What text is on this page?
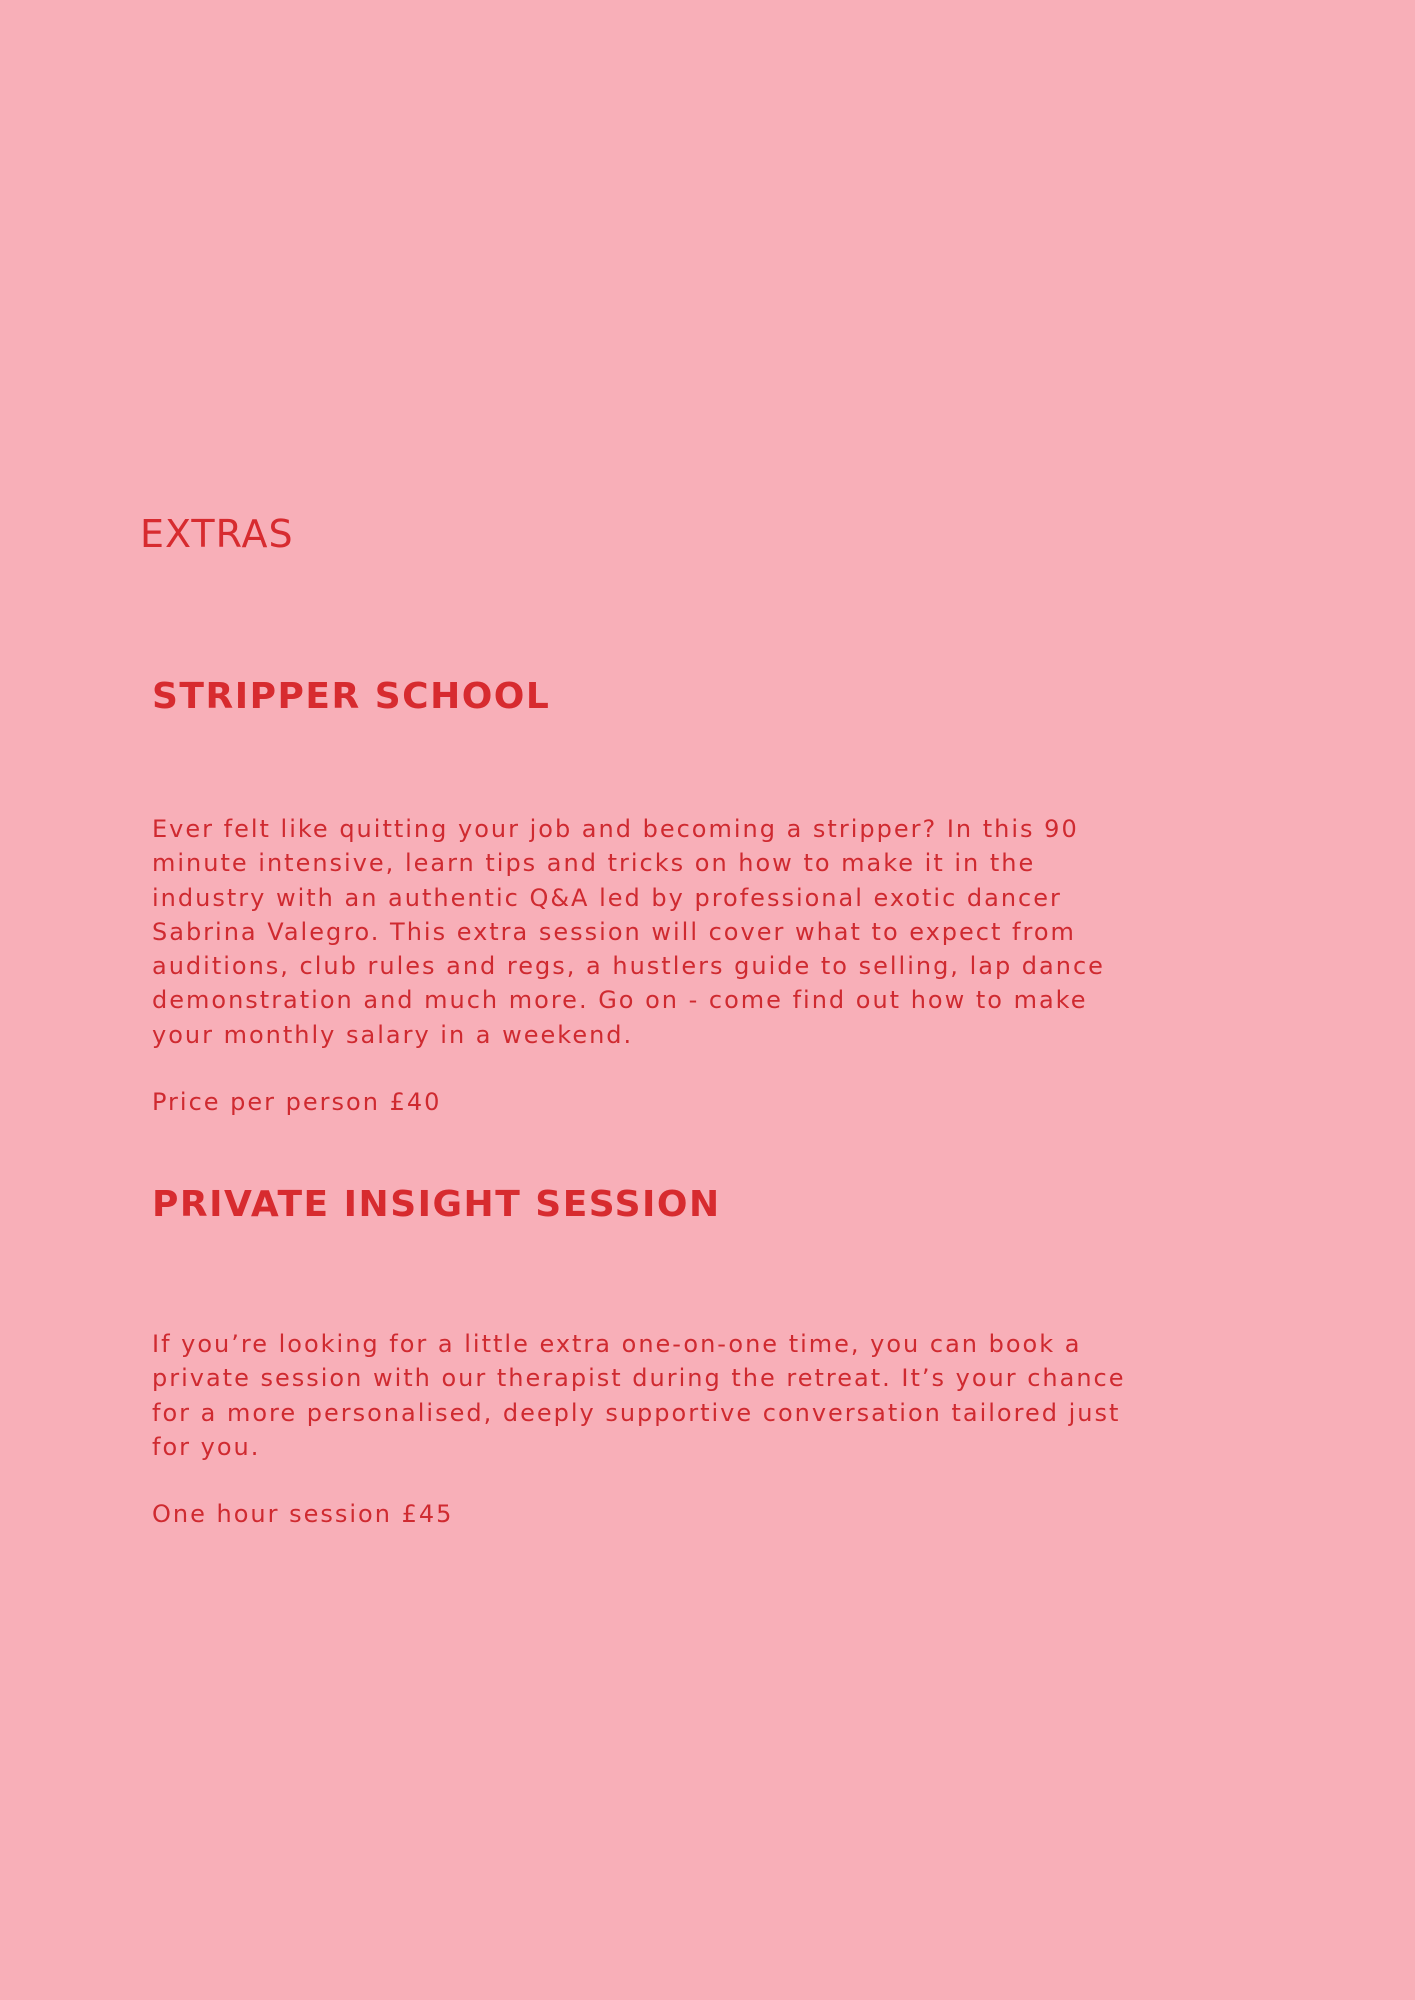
EXTRAS
STRIPPER SCHOOL

Ever felt like quitting your job and becoming a stripper? In this 90
minute intensive, learn tips and tricks on how to make it in the
industry with an authentic Q&A led by professional exotic dancer
Sabrina Valegro. This extra session will cover what to expect from
auditions, club rules and regs, a hustlers guide to selling, lap dance
demonstration and much more. Go on - come find out how to make
your monthly salary in a weekend.

Price per person £40

PRIVATE INSIGHT SESSION

If you’re looking for a little extra one-on-one time, you can book a
private session with our therapist during the retreat. It’s your chance
for a more personalised, deeply supportive conversation tailored just
for you.

One hour session £45
